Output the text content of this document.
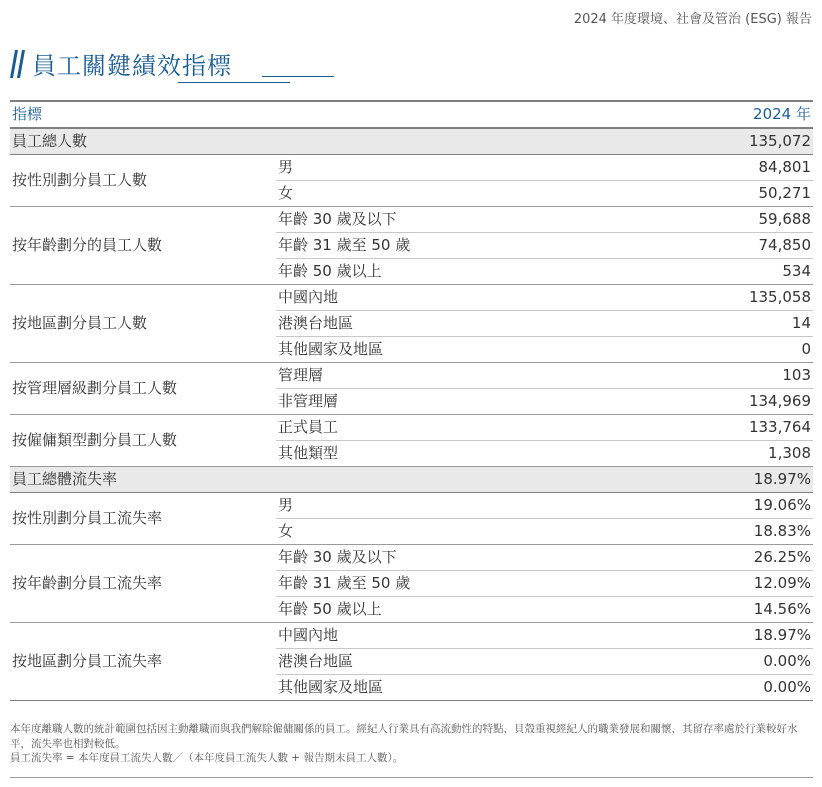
2024 年度環境、社會及管治 (ESG) 報告
員工關鍵績效指標
指標		2024 年
員工總人數		135,072
按性別劃分員工人數	男	84,801
	女	50,271
按年齡劃分的員工人數	年齡 30 歲及以下	59,688
	年齡 31 歲至 50 歲	74,850
	年齡 50 歲以上	534
按地區劃分員工人數	中國內地	135,058
	港澳台地區	14
	其他國家及地區	0
按管理層級劃分員工人數	管理層	103
	非管理層	134,969
按僱傭類型劃分員工人數	正式員工	133,764
	其他類型	1,308
員工總體流失率		18.97%
按性別劃分員工流失率	男	19.06%
	女	18.83%
按年齡劃分員工流失率	年齡 30 歲及以下	26.25%
	年齡 31 歲至 50 歲	12.09%
	年齡 50 歲以上	14.56%
按地區劃分員工流失率	中國內地	18.97%
	港澳台地區	0.00%
	其他國家及地區	0.00%
本年度離職人數的統計範圍包括因主動離職而與我們解除僱傭關係的員工。經紀人行業具有高流動性的特點，貝殼重視經紀人的職業發展和關懷，其留存率處於行業較好水平，流失率也相對較低。
員工流失率 = 本年度員工流失人數／（本年度員工流失人數 + 報告期末員工人數）。
